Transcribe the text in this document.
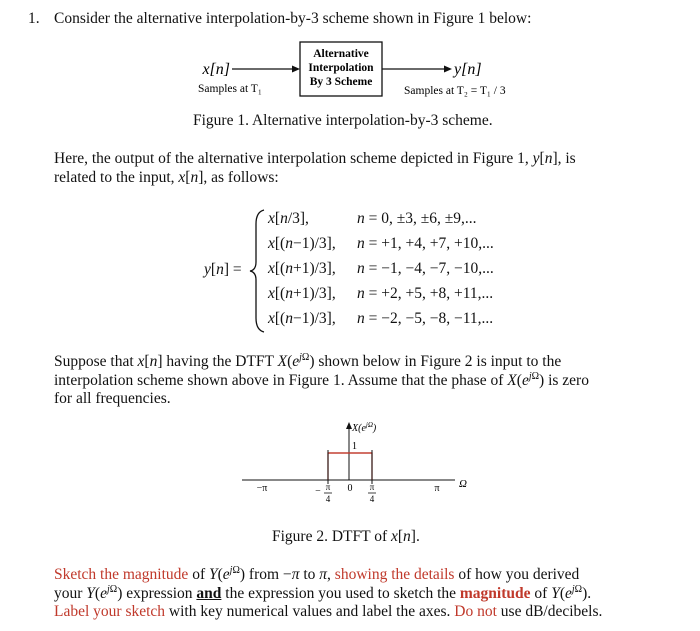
1. Consider the alternative interpolation-by-3 scheme shown in Figure 1 below:
x[n]
Samples at T₁
Alternative
Interpolation
By 3 Scheme
y[n]
Samples at T₂ = T₁ / 3
Figure 1. Alternative interpolation-by-3 scheme.
Here, the output of the alternative interpolation scheme depicted in Figure 1, y[n], is
related to the input, x[n], as follows:
y[n] =
x[n/3],	n = 0, ±3, ±6, ±9,...
x[(n−1)/3], n = +1, +4, +7, +10,...
x[(n+1)/3], n = −1, −4, −7, −10,...
x[(n+1)/3], n = +2, +5, +8, +11,...
x[(n−1)/3], n = −2, −5, −8, −11,...
Suppose that x[n] having the DTFT $X(e^{j\Omega})$ shown below in Figure 2 is input to the
interpolation scheme shown above in Figure 1. Assume that the phase of $X(e^{j\Omega})$ is zero
for all frequencies.
$X(e^{j\Omega})$
Ω
1
−π	π
0
− π
4
π
4
Figure 2. DTFT of x[n].
Sketch the magnitude of $Y(e^{j\Omega})$ from −π to π, showing the details of how you derived
your $Y(e^{j\Omega})$ expression and the expression you used to sketch the magnitude of $Y(e^{j\Omega})$.
Label your sketch with key numerical values and label the axes. Do not use dB/decibels.
